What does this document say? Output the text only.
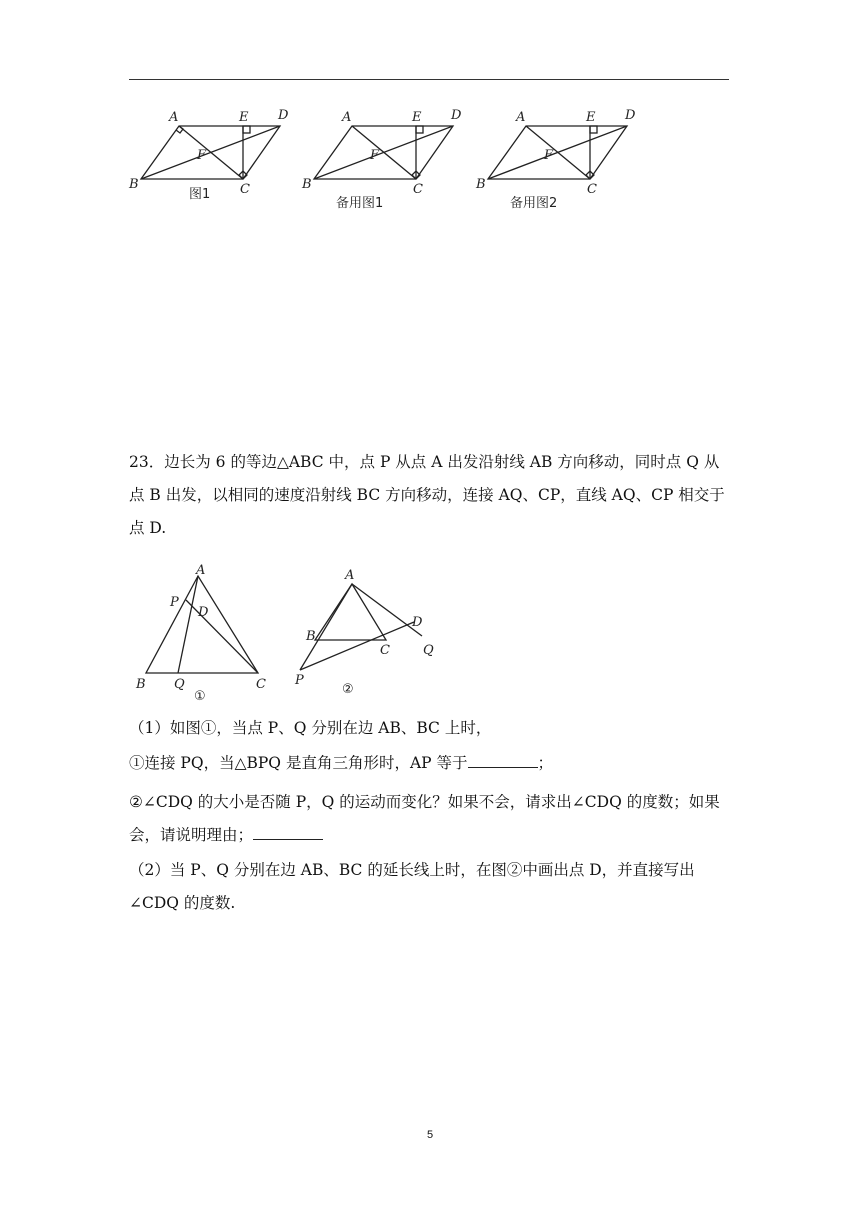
A	E D
F
B	C
图1
A	E D
F
B	C
备用图1
A	E D
F
B	C
备用图2

23．边长为 6 的等边△ABC 中，点 P 从点 A 出发沿射线 AB 方向移动，同时点 Q 从点 B 出发，以相同的速度沿射线 BC 方向移动，连接 AQ、CP，直线 AQ、CP 相交于点 D.

A
P
D
B Q	C
①
A
B
D
C	Q
P
②

（1）如图①，当点 P、Q 分别在边 AB、BC 上时，

①连接 PQ，当△BPQ 是直角三角形时，AP 等于	；

②∠CDQ 的大小是否随 P，Q 的运动而变化？如果不会，请求出∠CDQ 的度数；如果会，请说明理由；

（2）当 P、Q 分别在边 AB、BC 的延长线上时，在图②中画出点 D，并直接写出∠CDQ 的度数.

5
